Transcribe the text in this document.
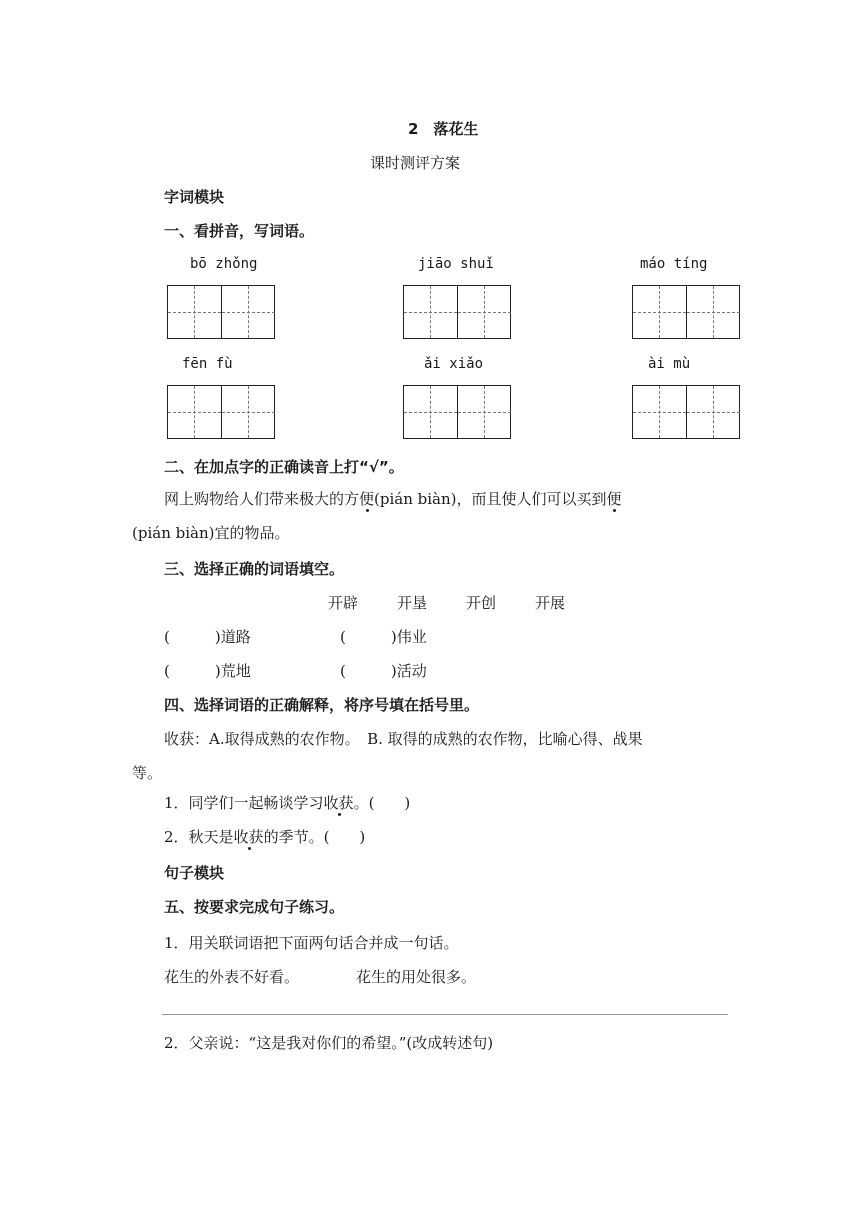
2　落花生
课时测评方案
字词模块
一、看拼音，写词语。
bō zhǒng	jiāo shuǐ	máo tíng
fēn fù	ǎi xiǎo	ài mù
二、在加点字的正确读音上打“√”。
网上购物给人们带来极大的方便(pián biàn)，而且使人们可以买到便
(pián biàn)宜的物品。
三、选择正确的词语填空。
开辟	开垦	开创	开展
(　　　)道路	(　　　)伟业
(　　　)荒地	(　　　)活动
四、选择词语的正确解释，将序号填在括号里。
收获：A.取得成熟的农作物。　B. 取得的成熟的农作物，比喻心得、战果
等。
1．同学们一起畅谈学习收获。(　　)
2．秋天是收获的季节。(　　)
句子模块
五、按要求完成句子练习。
1．用关联词语把下面两句话合并成一句话。
花生的外表不好看。	花生的用处很多。
2．父亲说：“这是我对你们的希望。”(改成转述句)
